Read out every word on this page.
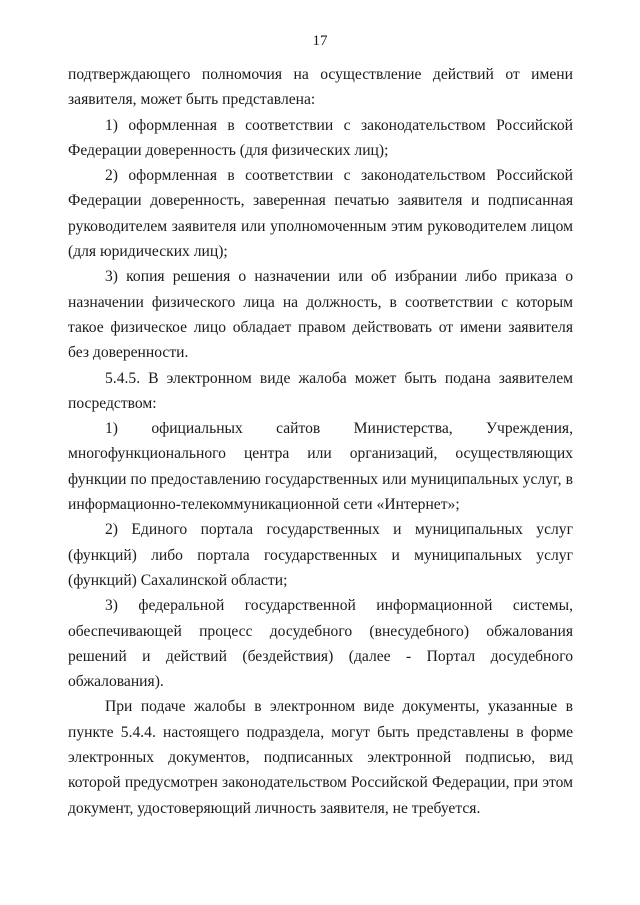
17

подтверждающего полномочия на осуществление действий от имени заявителя, может быть представлена:

1) оформленная в соответствии с законодательством Российской Федерации доверенность (для физических лиц);

2) оформленная в соответствии с законодательством Российской Федерации доверенность, заверенная печатью заявителя и подписанная руководителем заявителя или уполномоченным этим руководителем лицом (для юридических лиц);

3) копия решения о назначении или об избрании либо приказа о назначении физического лица на должность, в соответствии с которым такое физическое лицо обладает правом действовать от имени заявителя без доверенности.

5.4.5. В электронном виде жалоба может быть подана заявителем посредством:

1) официальных сайтов Министерства, Учреждения, многофункционального центра или организаций, осуществляющих функции по предоставлению государственных или муниципальных услуг, в информационно-телекоммуникационной сети «Интернет»;

2) Единого портала государственных и муниципальных услуг (функций) либо портала государственных и муниципальных услуг (функций) Сахалинской области;

3) федеральной государственной информационной системы, обеспечивающей процесс досудебного (внесудебного) обжалования решений и действий (бездействия) (далее - Портал досудебного обжалования).

При подаче жалобы в электронном виде документы, указанные в пункте 5.4.4. настоящего подраздела, могут быть представлены в форме электронных документов, подписанных электронной подписью, вид которой предусмотрен законодательством Российской Федерации, при этом документ, удостоверяющий личность заявителя, не требуется.
